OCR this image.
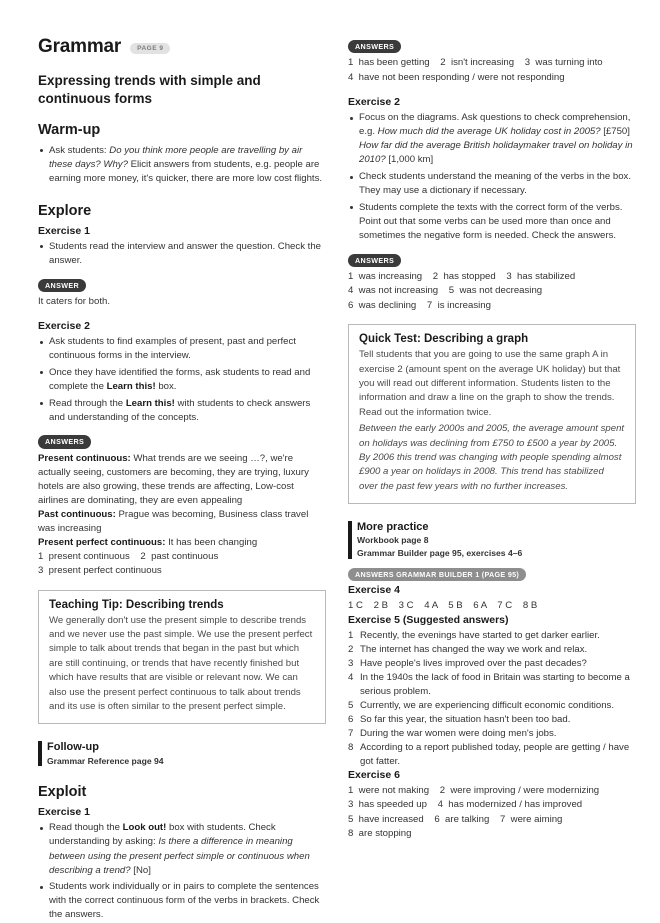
Grammar	PAGE 9
Expressing trends with simple and continuous forms
Warm-up
Ask students: Do you think more people are travelling by air these days? Why? Elicit answers from students, e.g. people are earning more money, it's quicker, there are more low cost flights.
Explore
Exercise 1
Students read the interview and answer the question. Check the answer.
ANSWER
It caters for both.
Exercise 2
Ask students to find examples of present, past and perfect continuous forms in the interview.
Once they have identified the forms, ask students to read and complete the Learn this! box.
Read through the Learn this! with students to check answers and understanding of the concepts.
ANSWERS
Present continuous: What trends are we seeing …?, we're actually seeing, customers are becoming, they are trying, luxury hotels are also growing, these trends are affecting, Low-cost airlines are dominating, they are even appealing
Past continuous: Prague was becoming, Business class travel was increasing
Present perfect continuous: It has been changing
1  present continuous    2  past continuous
3  present perfect continuous
Teaching Tip: Describing trends

We generally don't use the present simple to describe trends and we never use the past simple. We use the present perfect simple to talk about trends that began in the past but which are still continuing, or trends that have recently finished but which have results that are visible or relevant now. We can also use the present perfect continuous to talk about trends and its use is often similar to the present perfect simple.

Follow-up
Grammar Reference page 94
Exploit
Exercise 1
Read though the Look out! box with students. Check understanding by asking: Is there a difference in meaning between using the present perfect simple or continuous when describing a trend? [No]
Students work individually or in pairs to complete the sentences with the correct continuous form of the verbs in brackets. Check the answers.
ANSWERS
1  has been getting    2  isn't increasing    3  was turning into
4  have not been responding / were not responding
Exercise 2
Focus on the diagrams. Ask questions to check comprehension, e.g. How much did the average UK holiday cost in 2005? [£750] How far did the average British holidaymaker travel on holiday in 2010? [1,000 km]
Check students understand the meaning of the verbs in the box. They may use a dictionary if necessary.
Students complete the texts with the correct form of the verbs. Point out that some verbs can be used more than once and sometimes the negative form is needed. Check the answers.
ANSWERS
1  was increasing    2  has stopped    3  has stabilized
4  was not increasing    5  was not decreasing
6  was declining    7  is increasing
Quick Test: Describing a graph

Tell students that you are going to use the same graph A in exercise 2 (amount spent on the average UK holiday) but that you will read out different information. Students listen to the information and draw a line on the graph to show the trends. Read out the information twice.

Between the early 2000s and 2005, the average amount spent on holidays was declining from £750 to £500 a year by 2005. By 2006 this trend was changing with people spending almost £900 a year on holidays in 2008. This trend has stabilized over the past few years with no further increases.

More practice
Workbook page 8
Grammar Builder page 95, exercises 4–6
ANSWERS GRAMMAR BUILDER 1 (PAGE 95)
Exercise 4
1 C    2 B    3 C    4 A    5 B    6 A    7 C    8 B
Exercise 5 (Suggested answers)
1 Recently, the evenings have started to get darker earlier.
2 The internet has changed the way we work and relax.
3 Have people's lives improved over the past decades?
4 In the 1940s the lack of food in Britain was starting to become a serious problem.
5 Currently, we are experiencing difficult economic conditions.
6 So far this year, the situation hasn't been too bad.
7 During the war women were doing men's jobs.
8 According to a report published today, people are getting / have got fatter.
Exercise 6
1  were not making    2  were improving / were modernizing
3  has speeded up    4  has modernized / has improved
5  have increased    6  are talking    7  were aiming
8  are stopping
